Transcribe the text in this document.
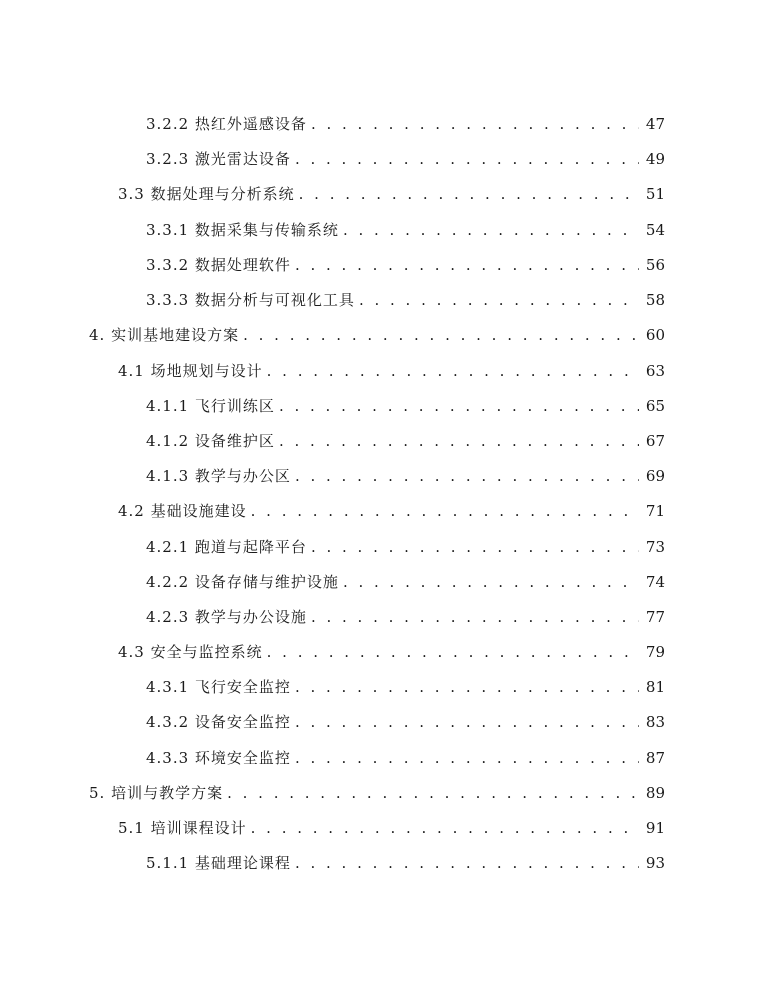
3.2.2 热红外遥感设备 . . .	47
3.2.3 激光雷达设备 . . .	49
3.3 数据处理与分析系统 . . .	51
3.3.1 数据采集与传输系统 . . .	54
3.3.2 数据处理软件 . . .	56
3.3.3 数据分析与可视化工具 . . .	58
4. 实训基地建设方案 . . .	60
4.1 场地规划与设计 . . .	63
4.1.1 飞行训练区 . . .	65
4.1.2 设备维护区 . . .	67
4.1.3 教学与办公区 . . .	69
4.2 基础设施建设 . . .	71
4.2.1 跑道与起降平台 . . .	73
4.2.2 设备存储与维护设施 . . .	74
4.2.3 教学与办公设施 . . .	77
4.3 安全与监控系统 . . .	79
4.3.1 飞行安全监控 . . .	81
4.3.2 设备安全监控 . . .	83
4.3.3 环境安全监控 . . .	87
5. 培训与教学方案 . . .	89
5.1 培训课程设计 . . .	91
5.1.1 基础理论课程 . . .	93
